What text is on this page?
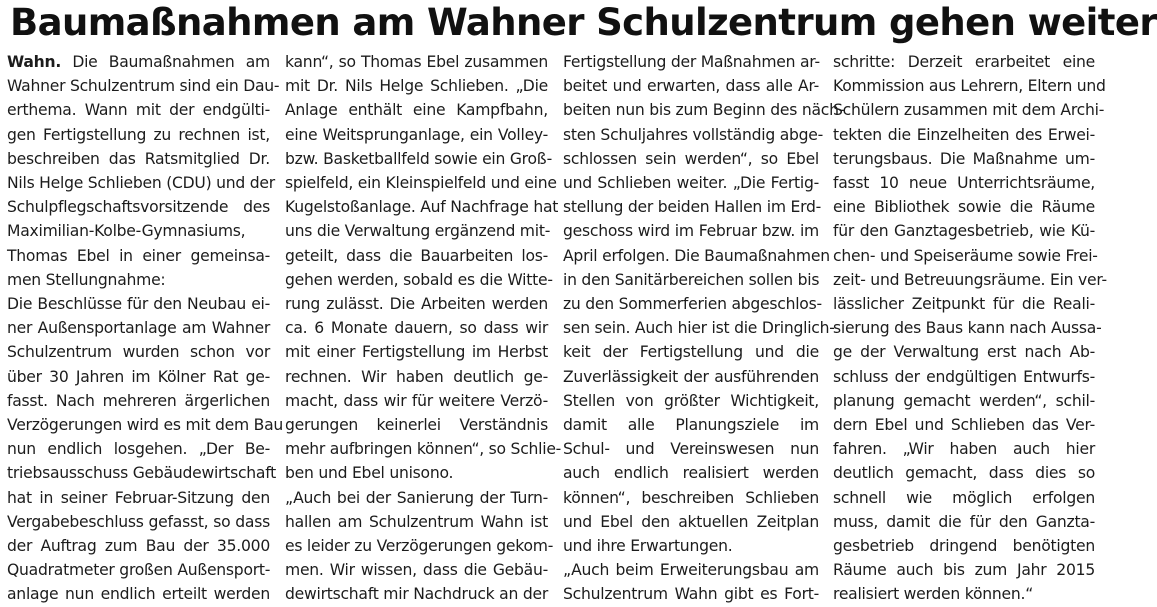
Baumaßnahmen am Wahner Schulzentrum gehen weiter
Wahn. Die Baumaßnahmen am
Wahner Schulzentrum sind ein Dau-
erthema. Wann mit der endgülti-
gen Fertigstellung zu rechnen ist,
beschreiben das Ratsmitglied Dr.
Nils Helge Schlieben (CDU) und der
Schulpflegschaftsvorsitzende des
Maximilian-Kolbe-Gymnasiums,
Thomas Ebel in einer gemeinsa-
men Stellungnahme:
Die Beschlüsse für den Neubau ei-
ner Außensportanlage am Wahner
Schulzentrum wurden schon vor
über 30 Jahren im Kölner Rat ge-
fasst. Nach mehreren ärgerlichen
Verzögerungen wird es mit dem Bau
nun endlich losgehen. „Der Be-
triebsausschuss Gebäudewirtschaft
hat in seiner Februar-Sitzung den
Vergabebeschluss gefasst, so dass
der Auftrag zum Bau der 35.000
Quadratmeter großen Außensport-
anlage nun endlich erteilt werden
kann“, so Thomas Ebel zusammen
mit Dr. Nils Helge Schlieben. „Die
Anlage enthält eine Kampfbahn,
eine Weitsprunganlage, ein Volley-
bzw. Basketballfeld sowie ein Groß-
spielfeld, ein Kleinspielfeld und eine
Kugelstoßanlage. Auf Nachfrage hat
uns die Verwaltung ergänzend mit-
geteilt, dass die Bauarbeiten los-
gehen werden, sobald es die Witte-
rung zulässt. Die Arbeiten werden
ca. 6 Monate dauern, so dass wir
mit einer Fertigstellung im Herbst
rechnen. Wir haben deutlich ge-
macht, dass wir für weitere Verzö-
gerungen keinerlei Verständnis
mehr aufbringen können“, so Schlie-
ben und Ebel unisono.
„Auch bei der Sanierung der Turn-
hallen am Schulzentrum Wahn ist
es leider zu Verzögerungen gekom-
men. Wir wissen, dass die Gebäu-
dewirtschaft mir Nachdruck an der
Fertigstellung der Maßnahmen ar-
beitet und erwarten, dass alle Ar-
beiten nun bis zum Beginn des näch-
sten Schuljahres vollständig abge-
schlossen sein werden“, so Ebel
und Schlieben weiter. „Die Fertig-
stellung der beiden Hallen im Erd-
geschoss wird im Februar bzw. im
April erfolgen. Die Baumaßnahmen
in den Sanitärbereichen sollen bis
zu den Sommerferien abgeschlos-
sen sein. Auch hier ist die Dringlich-
keit der Fertigstellung und die
Zuverlässigkeit der ausführenden
Stellen von größter Wichtigkeit,
damit alle Planungsziele im
Schul- und Vereinswesen nun
auch endlich realisiert werden
können“, beschreiben Schlieben
und Ebel den aktuellen Zeitplan
und ihre Erwartungen.
„Auch beim Erweiterungsbau am
Schulzentrum Wahn gibt es Fort-
schritte: Derzeit erarbeitet eine
Kommission aus Lehrern, Eltern und
Schülern zusammen mit dem Archi-
tekten die Einzelheiten des Erwei-
terungsbaus. Die Maßnahme um-
fasst 10 neue Unterrichtsräume,
eine Bibliothek sowie die Räume
für den Ganztagesbetrieb, wie Kü-
chen- und Speiseräume sowie Frei-
zeit- und Betreuungsräume. Ein ver-
lässlicher Zeitpunkt für die Reali-
sierung des Baus kann nach Aussa-
ge der Verwaltung erst nach Ab-
schluss der endgültigen Entwurfs-
planung gemacht werden“, schil-
dern Ebel und Schlieben das Ver-
fahren. „Wir haben auch hier
deutlich gemacht, dass dies so
schnell wie möglich erfolgen
muss, damit die für den Ganzta-
gesbetrieb dringend benötigten
Räume auch bis zum Jahr 2015
realisiert werden können.“
